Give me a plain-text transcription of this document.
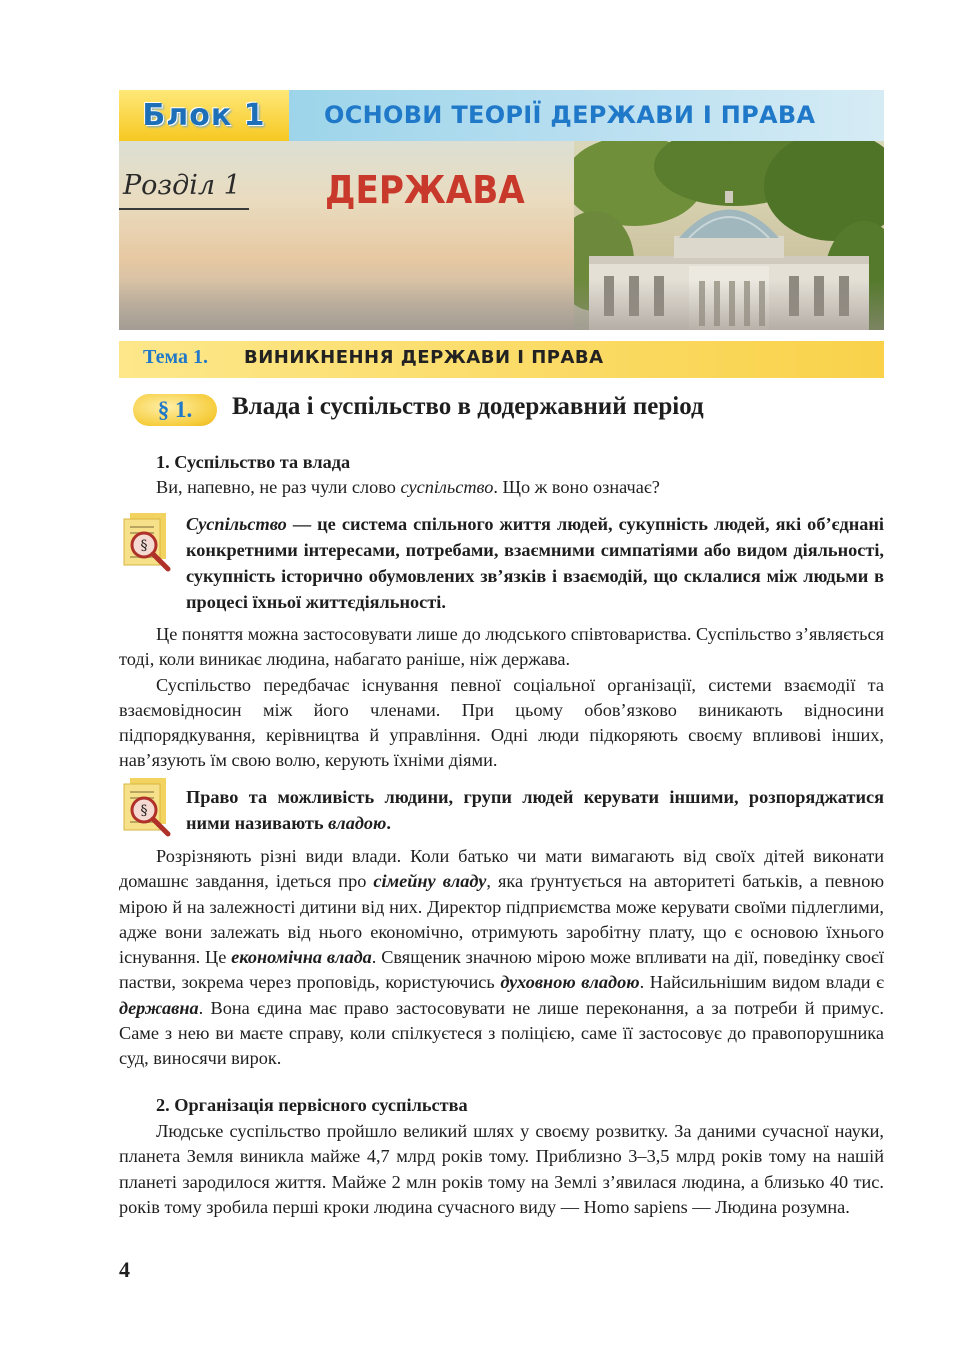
Блок 1	ОСНОВИ ТЕОРІЇ ДЕРЖАВИ І ПРАВА
Розділ 1 ДЕРЖАВА
Тема 1. ВИНИКНЕННЯ ДЕРЖАВИ І ПРАВА
§ 1.	Влада і суспільство в додержавний період
1. Суспільство та влада
Ви, напевно, не раз чули слово суспільство. Що ж воно означає?
§
Суспільство — це система спільного життя людей, сукупність людей, які об’єднані конкретними інтересами, потребами, взаємними симпатіями або видом діяльності, сукупність історично обумовлених зв’язків і взаємодій, що склалися між людьми в процесі їхньої життєдіяльності.

Це поняття можна застосовувати лише до людського співтовариства. Суспільство з’являється тоді, коли виникає людина, набагато раніше, ніж держава.

Суспільство передбачає існування певної соціальної організації, системи взаємодії та взаємовідносин між його членами. При цьому обов’язково виникають відносини підпорядкування, керівництва й управління. Одні люди підкоряють своєму впливові інших, нав’язують їм свою волю, керують їхніми діями.

§
Право та можливість людини, групи людей керувати іншими, розпоряджатися ними називають владою.

Розрізняють різні види влади. Коли батько чи мати вимагають від своїх дітей виконати домашнє завдання, ідеться про сімейну владу, яка ґрунтується на авторитеті батьків, а певною мірою й на залежності дитини від них. Директор підприємства може керувати своїми підлеглими, адже вони залежать від нього економічно, отримують заробітну плату, що є основою їхнього існування. Це економічна влада. Священик значною мірою може впливати на дії, поведінку своєї пастви, зокрема через проповідь, користуючись духовною владою. Найсильнішим видом влади є державна. Вона єдина має право застосовувати не лише переконання, а за потреби й примус. Саме з нею ви маєте справу, коли спілкуєтеся з поліцією, саме її застосовує до правопорушника суд, виносячи вирок.

2. Організація первісного суспільства

Людське суспільство пройшло великий шлях у своєму розвитку. За даними сучасної науки, планета Земля виникла майже 4,7 млрд років тому. Приблизно 3–3,5 млрд років тому на нашій планеті зародилося життя. Майже 2 млн років тому на Землі з’явилася людина, а близько 40 тис. років тому зробила перші кроки людина сучасного виду — Homo sapiens — Людина розумна.

4
